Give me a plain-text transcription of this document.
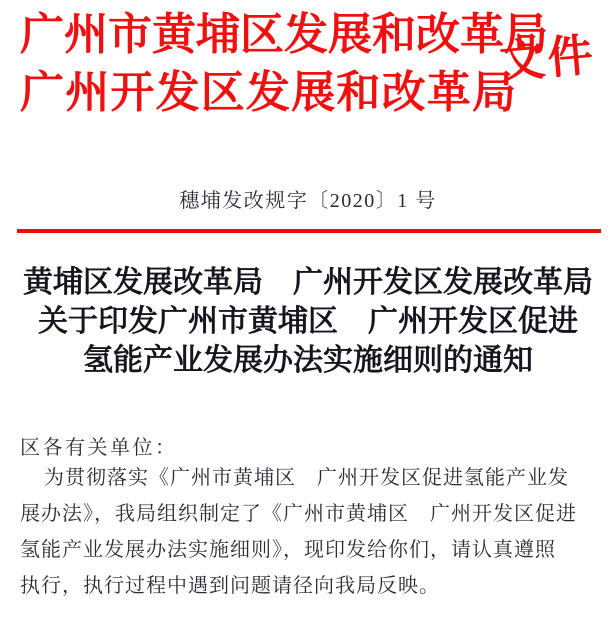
广州市黄埔区发展和改革局
广州开发区发展和改革局
文件
穗埔发改规字〔2020〕1 号
黄埔区发展改革局　广州开发区发展改革局
关于印发广州市黄埔区　广州开发区促进
氢能产业发展办法实施细则的通知
区各有关单位：
为贯彻落实《广州市黄埔区　广州开发区促进氢能产业发
展办法》，我局组织制定了《广州市黄埔区　广州开发区促进
氢能产业发展办法实施细则》，现印发给你们，请认真遵照
执行，执行过程中遇到问题请径向我局反映。
